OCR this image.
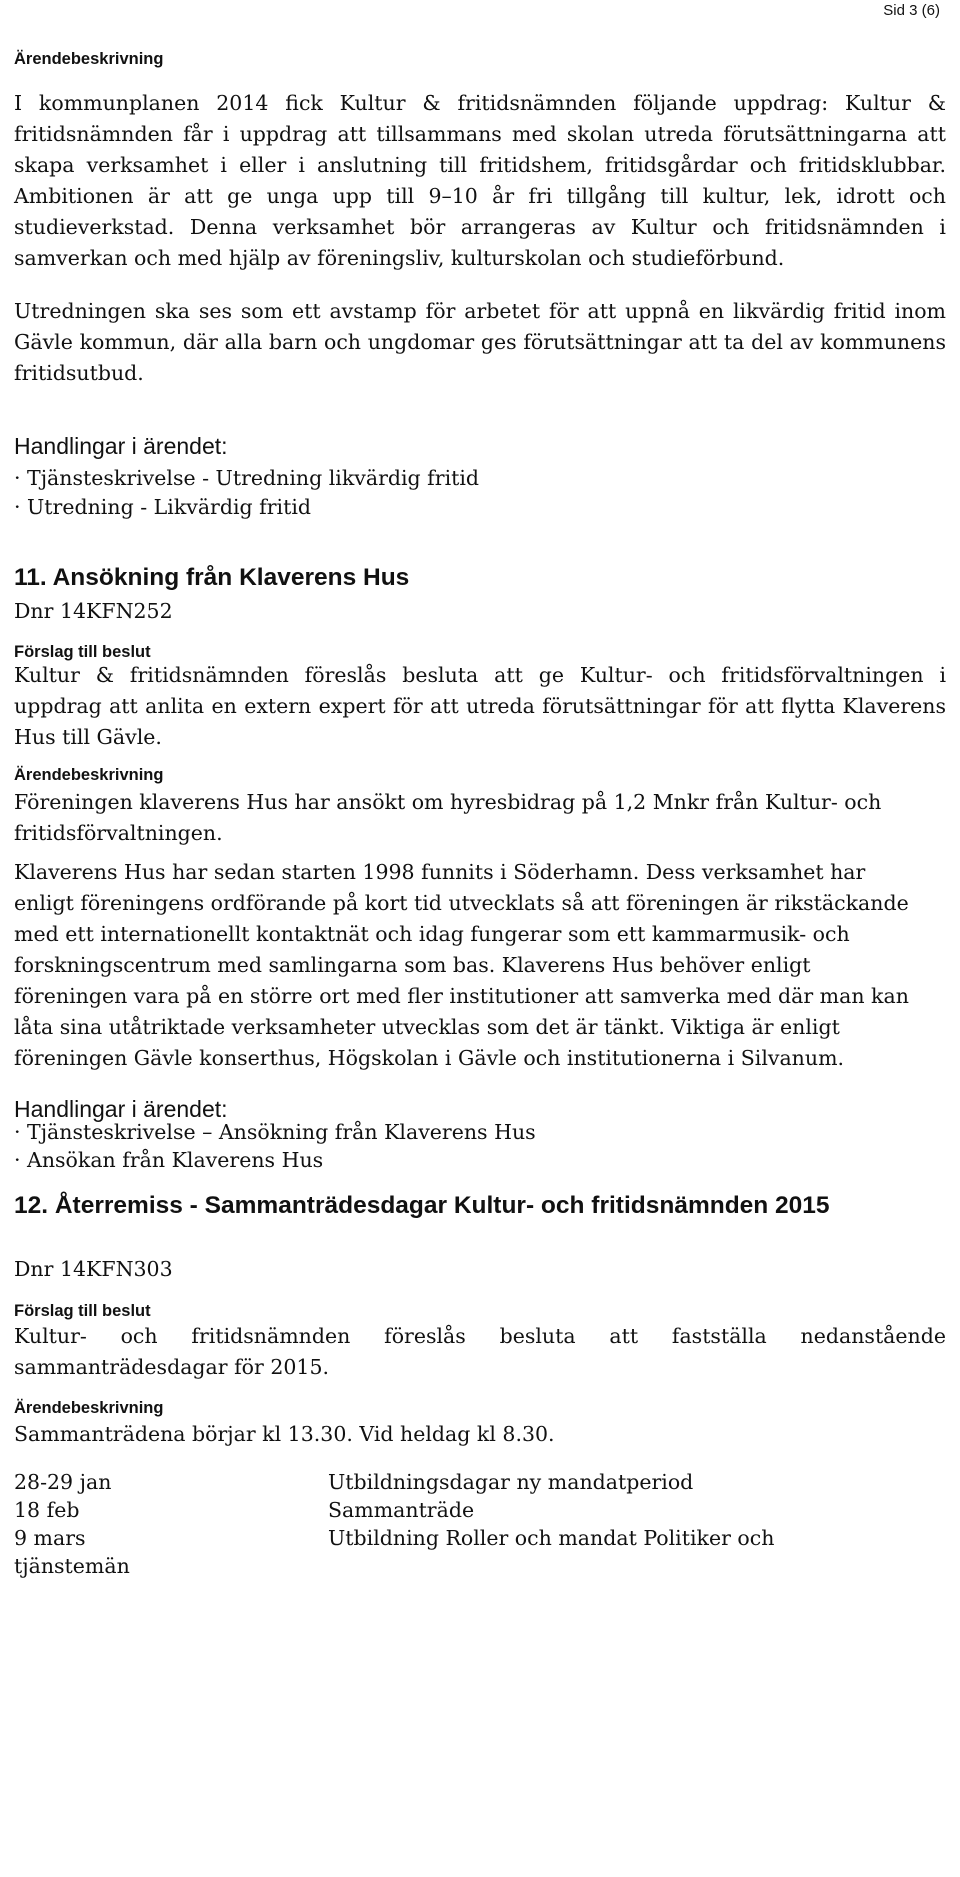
Sid 3 (6)
Ärendebeskrivning
I kommunplanen 2014 fick Kultur & fritidsnämnden följande uppdrag: Kultur & fritidsnämnden får i uppdrag att tillsammans med skolan utreda förutsättningarna att skapa verksamhet i eller i anslutning till fritidshem, fritidsgårdar och fritidsklubbar. Ambitionen är att ge unga upp till 9–10 år fri tillgång till kultur, lek, idrott och studieverkstad. Denna verksamhet bör arrangeras av Kultur och fritidsnämnden i samverkan och med hjälp av föreningsliv, kulturskolan och studieförbund.
Utredningen ska ses som ett avstamp för arbetet för att uppnå en likvärdig fritid inom Gävle kommun, där alla barn och ungdomar ges förutsättningar att ta del av kommunens fritidsutbud.
Handlingar i ärendet:
· Tjänsteskrivelse - Utredning likvärdig fritid
· Utredning - Likvärdig fritid
11. Ansökning från Klaverens Hus
Dnr 14KFN252
Förslag till beslut
Kultur & fritidsnämnden föreslås besluta att ge Kultur- och fritidsförvaltningen i uppdrag att anlita en extern expert för att utreda förutsättningar för att flytta Klaverens Hus till Gävle.
Ärendebeskrivning
Föreningen klaverens Hus har ansökt om hyresbidrag på 1,2 Mnkr från Kultur- och fritidsförvaltningen.
Klaverens Hus har sedan starten 1998 funnits i Söderhamn. Dess verksamhet har enligt föreningens ordförande på kort tid utvecklats så att föreningen är rikstäckande med ett internationellt kontaktnät och idag fungerar som ett kammarmusik- och forskningscentrum med samlingarna som bas. Klaverens Hus behöver enligt föreningen vara på en större ort med fler institutioner att samverka med där man kan låta sina utåtriktade verksamheter utvecklas som det är tänkt. Viktiga är enligt föreningen Gävle konserthus, Högskolan i Gävle och institutionerna i Silvanum.
Handlingar i ärendet:
· Tjänsteskrivelse – Ansökning från Klaverens Hus
· Ansökan från Klaverens Hus
12. Återremiss - Sammanträdesdagar Kultur- och fritidsnämnden 2015
Dnr 14KFN303
Förslag till beslut
Kultur- och fritidsnämnden föreslås besluta att fastställa nedanstående sammanträdesdagar för 2015.
Ärendebeskrivning
Sammanträdena börjar kl 13.30. Vid heldag kl 8.30.
28-29 jan	Utbildningsdagar ny mandatperiod
18 feb	Sammanträde
9 mars	Utbildning Roller och mandat Politiker och
tjänstemän
